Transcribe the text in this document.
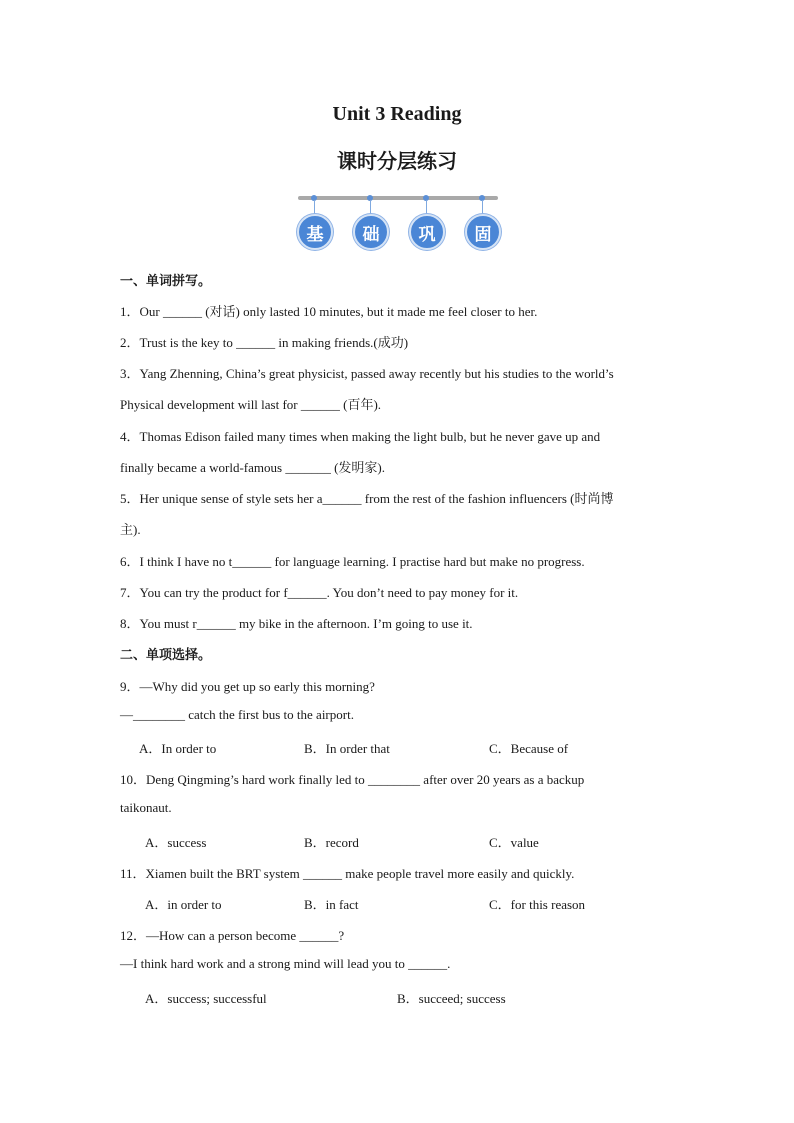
Unit 3 Reading
课时分层练习
基	础	巩	固
一、单词拼写。
1．Our ______ (对话) only lasted 10 minutes, but it made me feel closer to her.
2．Trust is the key to ______ in making friends.(成功)
3．Yang Zhenning, China’s great physicist, passed away recently but his studies to the world’s
Physical development will last for ______ (百年).
4．Thomas Edison failed many times when making the light bulb, but he never gave up and
finally became a world-famous _______ (发明家).
5．Her unique sense of style sets her a______ from the rest of the fashion influencers (时尚博
主).
6．I think I have no t______ for language learning. I practise hard but make no progress.
7．You can try the product for f______. You don’t need to pay money for it.
8．You must r______ my bike in the afternoon. I’m going to use it.
二、单项选择。
9．—Why did you get up so early this morning?
—________ catch the first bus to the airport.
A．In order to	B．In order that	C．Because of
10．Deng Qingming’s hard work finally led to ________ after over 20 years as a backup
taikonaut.
A．success	B．record	C．value
11．Xiamen built the BRT system ______ make people travel more easily and quickly.
A．in order to	B．in fact	C．for this reason
12．—How can a person become ______?
—I think hard work and a strong mind will lead you to ______.
A．success; successful	B．succeed; success
